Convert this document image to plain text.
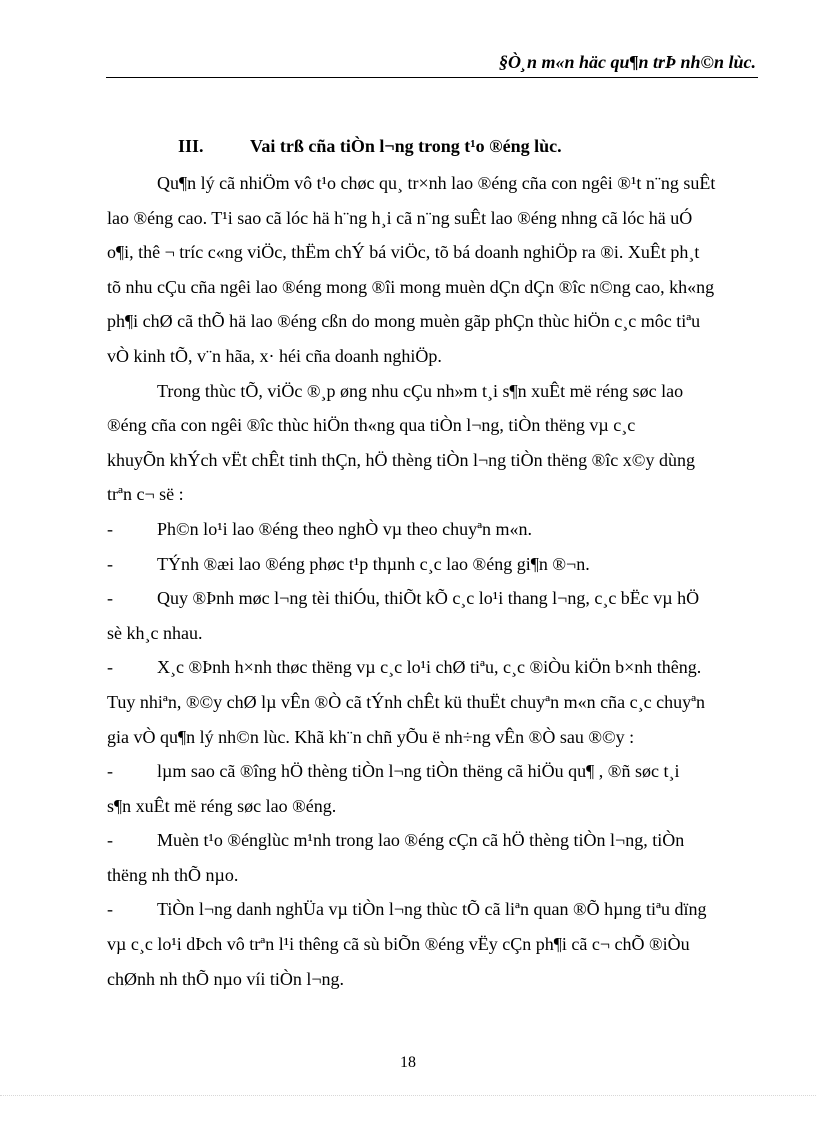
§Ò¸n m«n häc qu¶n trÞ nh©n lùc.
III.	Vai trß cña tiÒn l¬ng trong t¹o ®éng lùc.

Qu¶n lý cã nhiÖm vô t¹o chøc qu¸ tr×nh lao ®éng cña con ngêi ®¹t n¨ng suÊt

lao ®éng cao. T¹i sao cã lóc hä h¨ng h¸i cã n¨ng suÊt lao ®éng nhng cã lóc hä uÓ

o¶i, thê ¬ tríc c«ng viÖc, thËm chÝ bá viÖc, tõ bá doanh nghiÖp ra ®i. XuÊt ph¸t

tõ nhu cÇu cña ngêi lao ®éng mong ®îi mong muèn dÇn dÇn ®îc n©ng cao, kh«ng

ph¶i chØ cã thÕ hä lao ®éng cßn do mong muèn gãp phÇn thùc hiÖn c¸c môc tiªu

vÒ kinh tÕ, v¨n hãa, x· héi cña doanh nghiÖp.

Trong thùc tÕ, viÖc ®¸p øng nhu cÇu nh»m t¸i s¶n xuÊt më réng søc lao

®éng cña con ngêi ®îc thùc hiÖn th«ng qua tiÒn l¬ng, tiÒn thëng vµ c¸c

khuyÕn khÝch vËt chÊt tinh thÇn, hÖ thèng tiÒn l¬ng tiÒn thëng ®îc x©y dùng

trªn c¬ së :

- Ph©n lo¹i lao ®éng theo nghÒ vµ theo chuyªn m«n.

- TÝnh ®æi lao ®éng phøc t¹p thµnh c¸c lao ®éng gi¶n ®¬n.

- Quy ®Þnh møc l¬ng tèi thiÓu, thiÕt kÕ c¸c lo¹i thang l¬ng, c¸c bËc vµ hÖ

sè kh¸c nhau.

- X¸c ®Þnh h×nh thøc thëng vµ c¸c lo¹i chØ tiªu, c¸c ®iÒu kiÖn b×nh thêng.

Tuy nhiªn, ®©y chØ lµ vÊn ®Ò cã tÝnh chÊt kü thuËt chuyªn m«n cña c¸c chuyªn

gia vÒ qu¶n lý nh©n lùc. Khã kh¨n chñ yÕu ë nh÷ng vÊn ®Ò sau ®©y :

- lµm sao cã ®îng hÖ thèng tiÒn l¬ng tiÒn thëng cã hiÖu qu¶ , ®ñ søc t¸i

s¶n xuÊt më réng søc lao ®éng.

- Muèn t¹o ®énglùc m¹nh trong lao ®éng cÇn cã hÖ thèng tiÒn l¬ng, tiÒn

thëng nh thÕ nµo.

- TiÒn l¬ng danh nghÜa vµ tiÒn l¬ng thùc tÕ cã liªn quan ®Õ hµng tiªu dïng

vµ c¸c lo¹i dÞch vô trªn l¹i thêng cã sù biÕn ®éng vËy cÇn ph¶i cã c¬ chÕ ®iÒu

chØnh nh thÕ nµo víi tiÒn l¬ng.

18
